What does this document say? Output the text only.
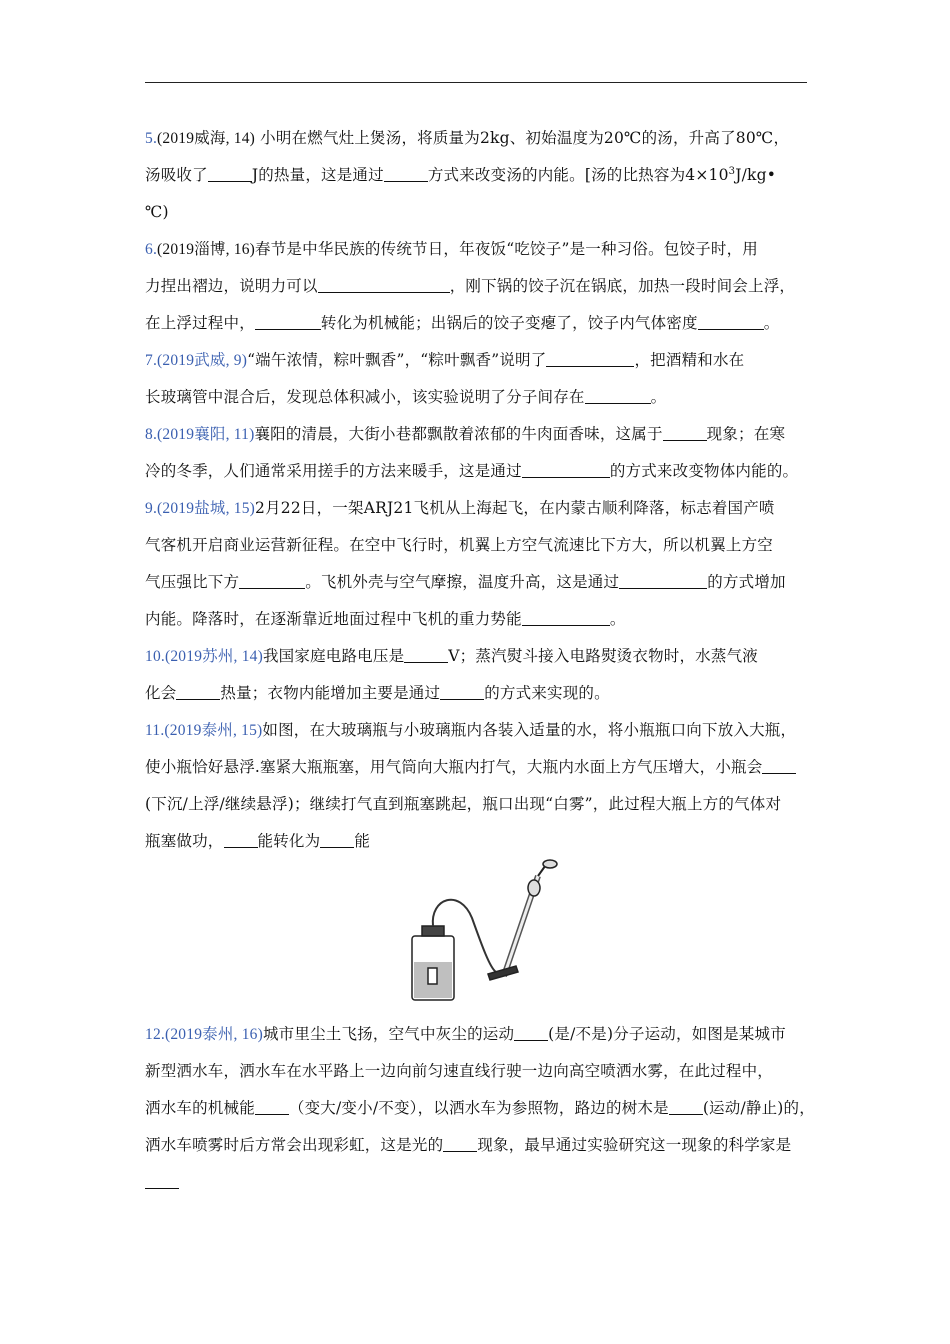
5.(2019威海, 14) 小明在燃气灶上煲汤，将质量为2kg、初始温度为20℃的汤，升高了80℃，
汤吸收了	J的热量，这是通过	方式来改变汤的内能。[汤的比热容为$4\times 10^3J/kg•$
℃)
6.(2019淄博, 16)春节是中华民族的传统节日，年夜饭“吃饺子”是一种习俗。包饺子时，用
力捏出褶边，说明力可以	，刚下锅的饺子沉在锅底，加热一段时间会上浮，
在上浮过程中，	转化为机械能；出锅后的饺子变瘪了，饺子内气体密度	。
7.(2019武威, 9)“端午浓情，粽叶飘香”，“粽叶飘香”说明了	，把酒精和水在
长玻璃管中混合后，发现总体积减小，该实验说明了分子间存在	。
8.(2019襄阳, 11)襄阳的清晨，大街小巷都飘散着浓郁的牛肉面香味，这属于	现象；在寒
冷的冬季，人们通常采用搓手的方法来暖手，这是通过	的方式来改变物体内能的。
9.(2019盐城, 15)2月22日，一架ARJ21飞机从上海起飞，在内蒙古顺利降落，标志着国产喷
气客机开启商业运营新征程。在空中飞行时，机翼上方空气流速比下方大，所以机翼上方空
气压强比下方	。飞机外壳与空气摩擦，温度升高，这是通过	的方式增加
内能。降落时，在逐渐靠近地面过程中飞机的重力势能	。
10.(2019苏州, 14)我国家庭电路电压是	V；蒸汽熨斗接入电路熨烫衣物时，水蒸气液
化会	热量；衣物内能增加主要是通过	的方式来实现的。
11.(2019泰州, 15)如图，在大玻璃瓶与小玻璃瓶内各装入适量的水，将小瓶瓶口向下放入大瓶，
使小瓶恰好悬浮.塞紧大瓶瓶塞，用气筒向大瓶内打气，大瓶内水面上方气压增大，小瓶会
(下沉/上浮/继续悬浮)；继续打气直到瓶塞跳起，瓶口出现“白雾”，此过程大瓶上方的气体对
瓶塞做功， 能转化为 能
12.(2019泰州, 16)城市里尘土飞扬，空气中灰尘的运动 (是/不是)分子运动，如图是某城市
新型洒水车，洒水车在水平路上一边向前匀速直线行驶一边向高空喷洒水雾，在此过程中，
洒水车的机械能 （变大/变小/不变），以洒水车为参照物，路边的树木是 (运动/静止)的，
洒水车喷雾时后方常会出现彩虹，这是光的 现象，最早通过实验研究这一现象的科学家是
